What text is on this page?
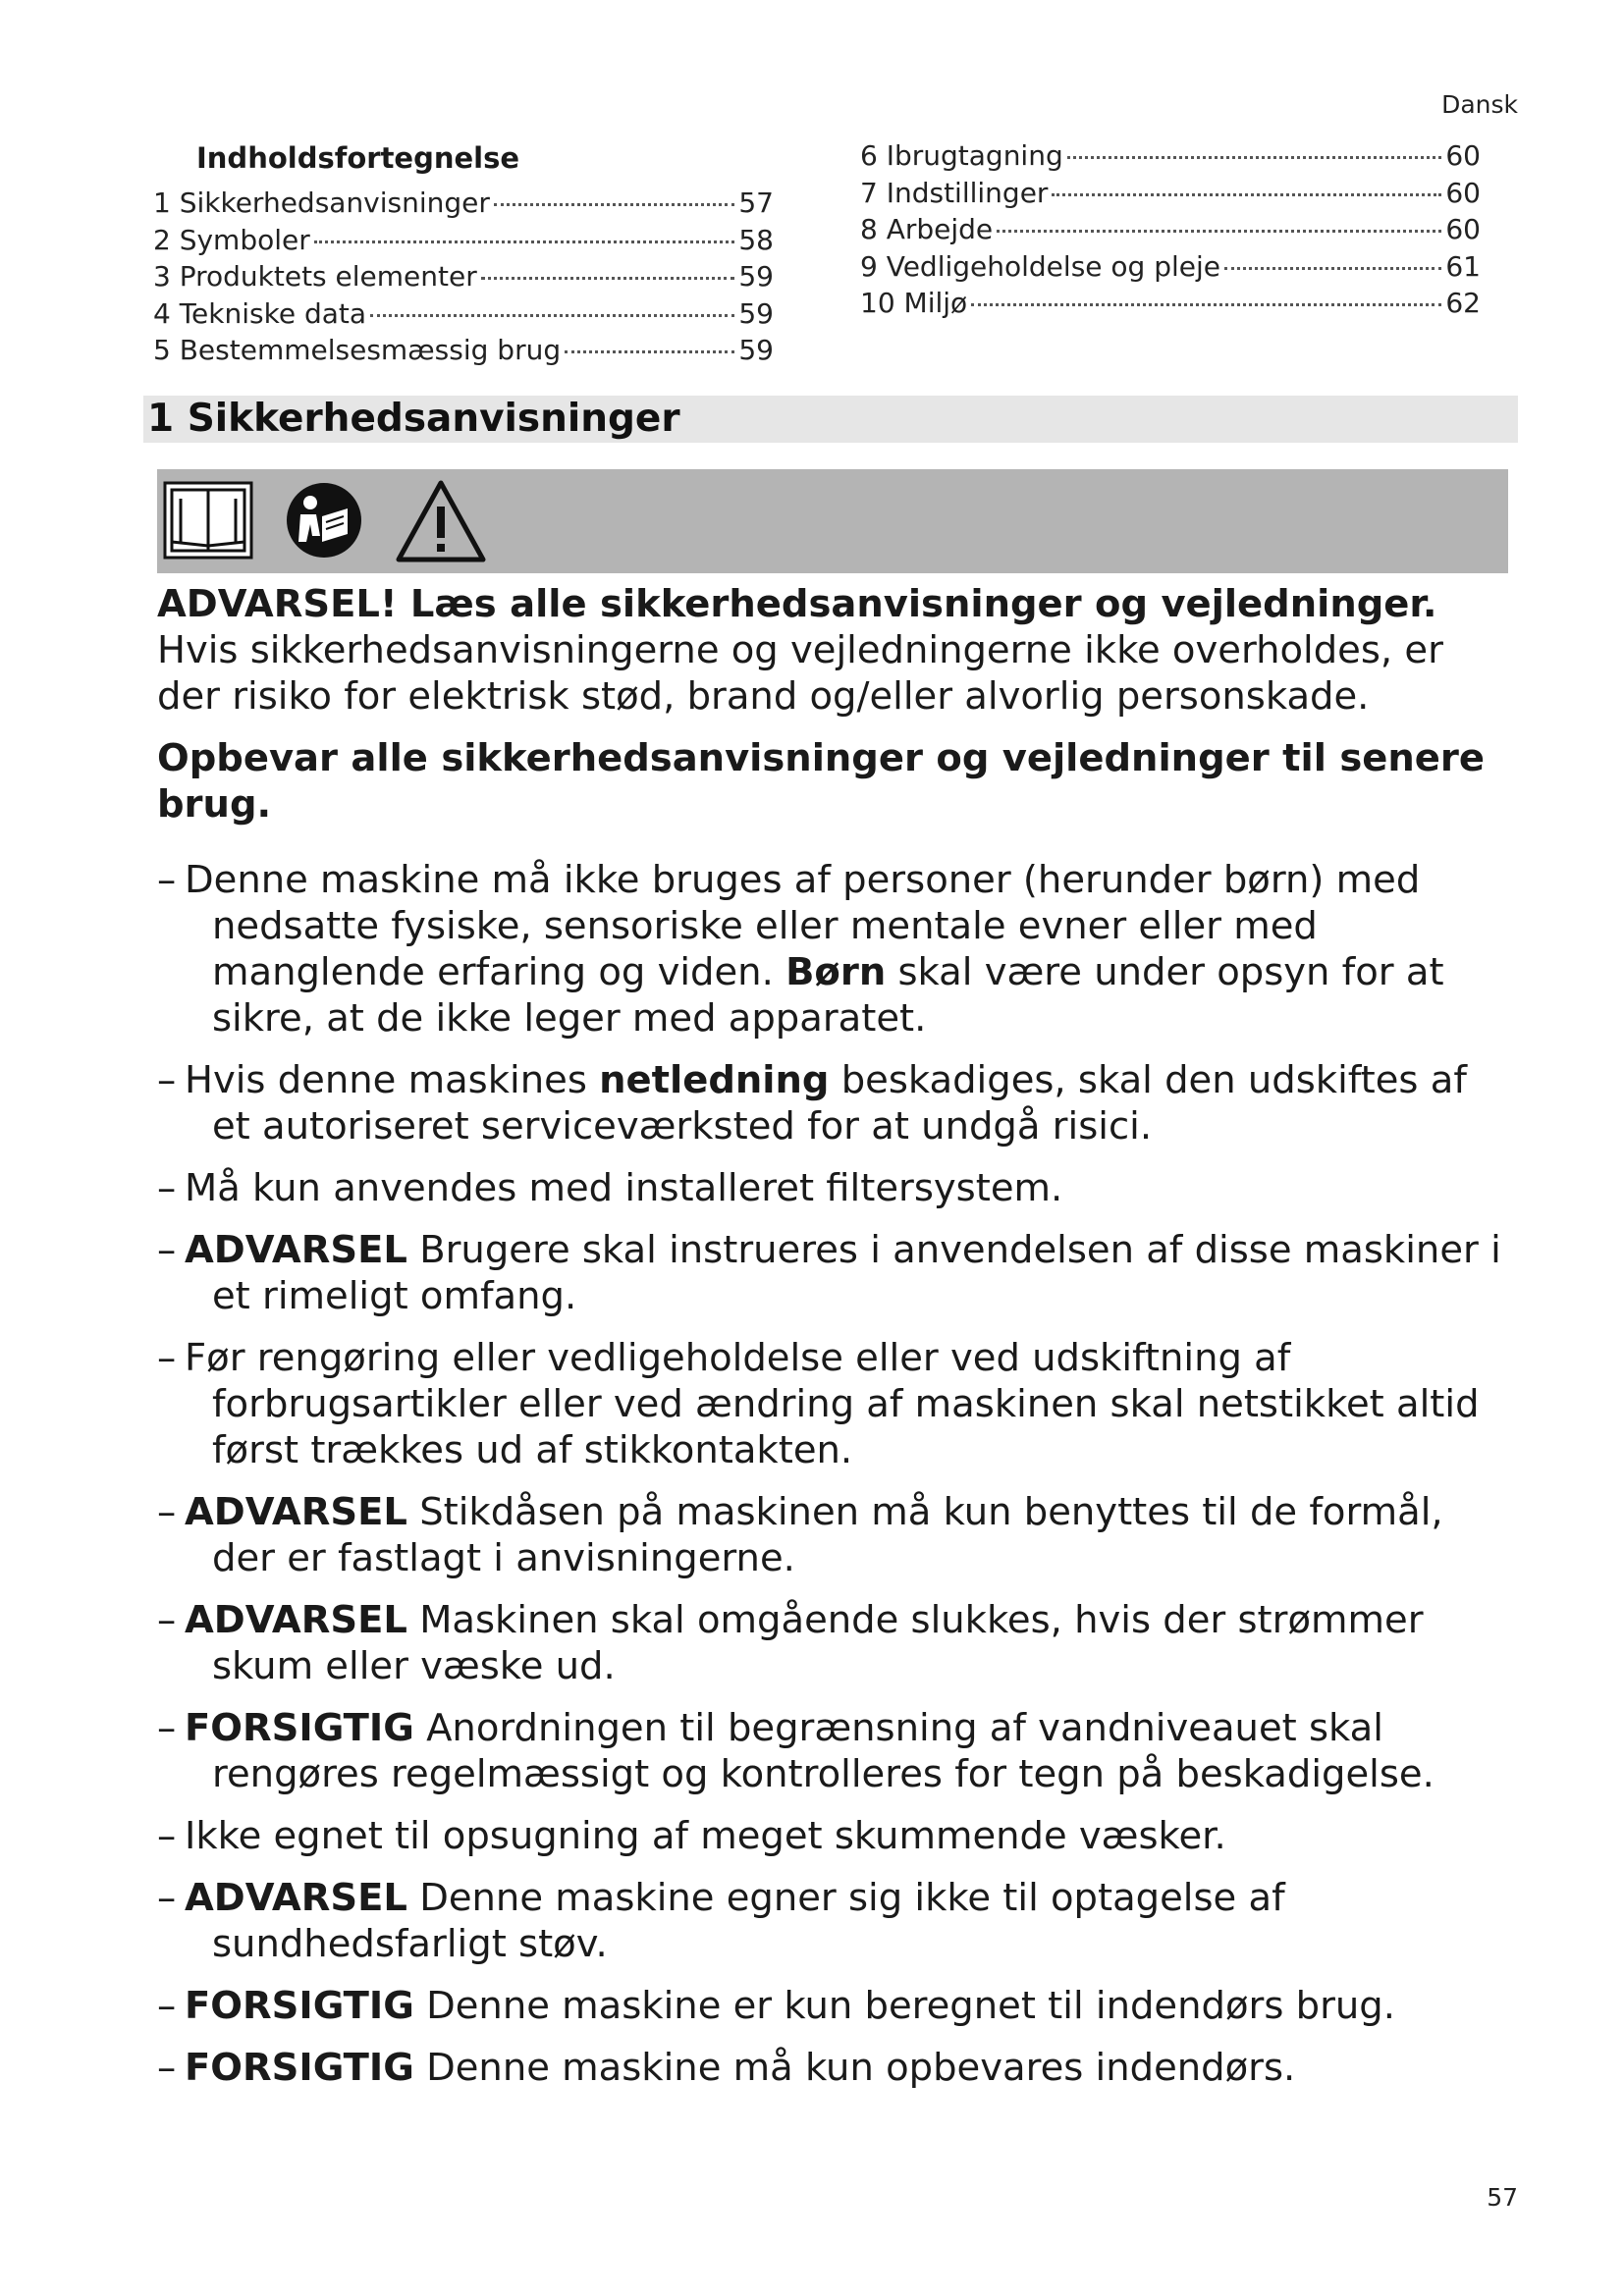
Dansk
Indholdsfortegnelse
1 Sikkerhedsanvisninger	57
2 Symboler	58
3 Produktets elementer	59
4 Tekniske data	59
5 Bestemmelsesmæssig brug	59
6 Ibrugtagning	60
7 Indstillinger	60
8 Arbejde	60
9 Vedligeholdelse og pleje	61
10 Miljø	62
1 Sikkerhedsanvisninger

ADVARSEL! Læs alle sikkerhedsanvisninger og vejledninger. Hvis sikkerhedsanvisningerne og vejledningerne ikke overholdes, er der risiko for elektrisk stød, brand og/eller alvorlig personskade.

Opbevar alle sikkerhedsanvisninger og vejledninger til senere brug.

– Denne maskine må ikke bruges af personer (herunder børn) med nedsatte fysiske, sensoriske eller mentale evner eller med manglende erfaring og viden. Børn skal være under opsyn for at sikre, at de ikke leger med apparatet.
– Hvis denne maskines netledning beskadiges, skal den udskiftes af et autoriseret serviceværksted for at undgå risici.
– Må kun anvendes med installeret filtersystem.
– ADVARSEL Brugere skal instrueres i anvendelsen af disse maskiner i et rimeligt omfang.
– Før rengøring eller vedligeholdelse eller ved udskiftning af forbrugsartikler eller ved ændring af maskinen skal netstikket altid først trækkes ud af stikkontakten.
– ADVARSEL Stikdåsen på maskinen må kun benyttes til de formål, der er fastlagt i anvisningerne.
– ADVARSEL Maskinen skal omgående slukkes, hvis der strømmer skum eller væske ud.
– FORSIGTIG Anordningen til begrænsning af vandniveauet skal rengøres regelmæssigt og kontrolleres for tegn på beskadigelse.
– Ikke egnet til opsugning af meget skummende væsker.
– ADVARSEL Denne maskine egner sig ikke til optagelse af sundhedsfarligt støv.
– FORSIGTIG Denne maskine er kun beregnet til indendørs brug.
– FORSIGTIG Denne maskine må kun opbevares indendørs.
57
